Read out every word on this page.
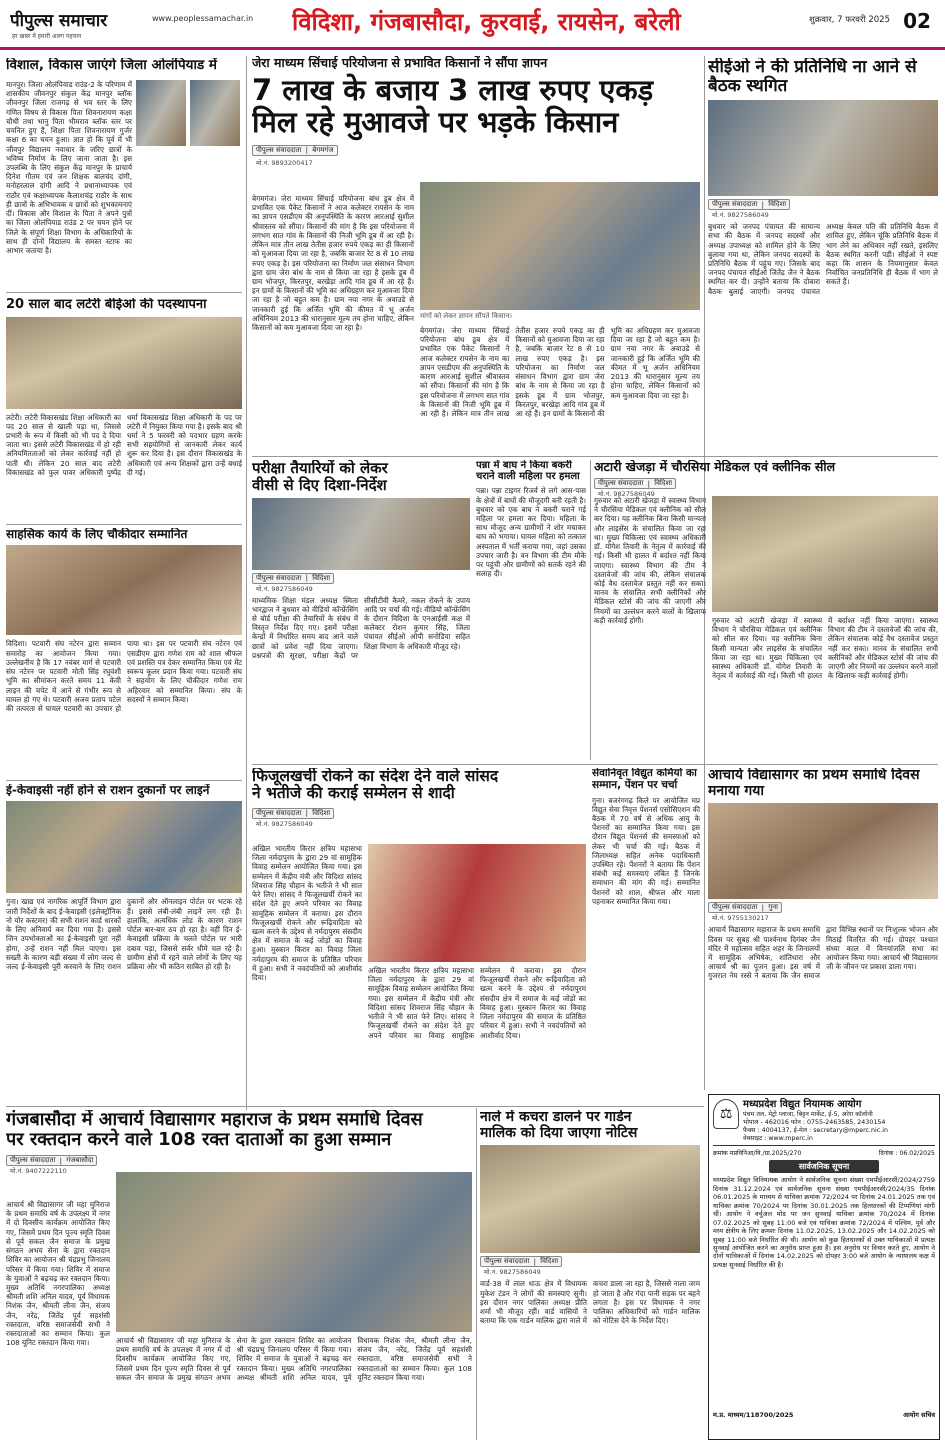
पीपुल्स समाचार
हर खबर में हमारी अलग पहचान
www.peoplessamachar.in	विदिशा, गंजबासौदा, कुरवाई, रायसेन, बरेली	शुक्रवार, 7 फरवरी 2025 02
विशाल, विकास जाएंगे जिला ओलंपियाड में
मानपुर। जिला ओलंपियाड राउंड-2 के परिणाम में शासकीय जीवनपुर संकुल केंद्र मानपुर ब्लॉक जीवनपुर जिला राजगढ़ से भव स्तर के लिए गणित विषय से विकास पिता शिवनारायण कक्षा चौथी तथा भानु पिता भीमराव ब्लॉक स्तर पर चयनित हुए हैं, शिक्षा पिता शिवनारायण गुर्जर कक्षा 6 का चयन हुआ। ज्ञात हो कि पूर्व में भी जीवपुर विद्यालय नवाचार के जरिए छात्रों के भविष्य निर्माण के लिए जाना जाता है। इस उपलब्धि के लिए संकुल केंद्र मानपुर के प्राचार्य दिनेश गौतम एवं जन शिक्षक बालचंद दांगी, मनोहरलाल दांगी आदि ने प्रधानाध्यापक एवं राठौर एवं कक्षाध्यापक कैलाशचंद्र राठौर के साथ ही छात्रों के अभिभावक व छात्रों को शुभकामनाएं दीं। विकास और विशाल के पिता ने अपने पुत्रों का जिला ओलंपियाड राउंड 2 पर चयन होने पर जिले के संपूर्ण शिक्षा विभाग के अधिकारियों के साथ ही दोनों विद्यालय के समस्त स्टाफ का आभार जताया है।
20 साल बाद लटेरी बीईओ की पदस्थापना
लटेरी। लटेरी विकासखंड शिक्षा अधिकारी का पद 20 साल से खाली पड़ा था, जिससे प्रभारी के रूप में किसी को भी पद दे दिया जाता था। इससे लटेरी विकासखंड में हो रही अनियमितताओं को लेकर कार्रवाई नहीं हो पाती थी। लेकिन 20 साल बाद लटेरी विकासखंड को फुल पावर अधिकारी पुष्पेंद्र धर्मा विकासखंड शिक्षा अधिकारी के पद पर लटेरी में नियुक्त किया गया है। इसके बाद श्री धर्मा ने 5 फरवरी को पदभार ग्रहण करके सभी सहयोगियों से जानकारी लेकर कार्य शुरू कर दिया है। इस दौरान विकासखंड के अधिकारी एवं अन्य शिक्षकों द्वारा उन्हें बधाई दी गई।
साहसिक कार्य के लिए चौकीदार सम्मानित
विदिशा। पटवारी संघ नटेरन द्वारा सम्मान समारोह का आयोजन किया गया। उल्लेखनीय है कि 17 नवंबर मार्ग से पटवारी संघ नटेरन पर पटवारी मोती सिंह रघुवंशी भूमि का सीमांकन करते समय 11 केवी लाइन की चपेट में आने से गंभीर रूप से घायल हो गए थे। पटवारी अजय प्रताप पटेल की तत्परता से घायल पटवारी का उपचार हो पाया था। इस पर पटवारी संघ नटेरन एवं एसडीएम द्वारा गणेश राम को शाल श्रीफल एवं प्रशस्ति पत्र देकर सम्मानित किया एवं मेंट स्वरूप कूलर प्रदान किया गया। पटवारी संघ ने सहयोग के लिए चौकीदार गणेश राम अहिरवार को सम्मानित किया। संघ के सदस्यों ने सम्मान किया।
ई-केवाइसी नहीं होने से राशन दुकानों पर लाइनें
गुना। खाद्य एवं नागरिक आपूर्ति विभाग द्वारा जारी निर्देशों के बाद ई-केवाइसी (इलेक्ट्रॉनिक नो योर कस्टमर) की सभी राशन कार्ड धारकों के लिए अनिवार्य कर दिया गया है। इससे जिन उपभोक्ताओं का ई-केवाइसी पूरा नहीं होगा, उन्हें राशन नहीं मिल पाएगा। इस सख्ती के कारण बड़ी संख्या में लोग जल्द से जल्द ई-केवाइसी पूरी करवाने के लिए राशन दुकानों और ऑनलाइन पोर्टल पर भटक रहे हैं। इससे लंबी-लंबी लाइनें लग रही हैं। हालांकि, अत्यधिक लोड के कारण राशन पोर्टल बार-बार ठप हो रहा है। वहीं दिन ई-केवाइसी प्रक्रिया के चलते पोर्टल पर भारी दबाव पड़ा, जिससे सर्वर धीमे चल रहे हैं। ग्रामीण क्षेत्रों में रहने वाले लोगों के लिए यह प्रक्रिया और भी कठिन साबित हो रही है।
जेरा माध्यम सिंचाई परियोजना से प्रभावित किसानों ने सौंपा ज्ञापन
7 लाख के बजाय 3 लाख रुपए एकड़
मिल रहे मुआवजे पर भड़के किसान
पीपुल्स संवाददाता | बेगमगंज
मो.नं. 9893200417
बेगमगंज। जेरा माध्यम सिंचाई परियोजना बांध डूब क्षेत्र में प्रभावित एक पैकेट किसानों ने आज कलेक्टर रायसेन के नाम का ज्ञापन एसडीएम की अनुपस्थिति के कारण आरआई सुशील श्रीवास्तव को सौंपा। किसानों की मांग है कि इस परियोजना में लगभग सात गांव के किसानों की निजी भूमि डूब में आ रही है। लेकिन मात्र तीन लाख तेतीस हजार रुपये एकड़ का ही किसानों को मुआवजा दिया जा रहा है, जबकि बाजार रेट 8 से 10 लाख रुपए एकड़ है। इस परियोजना का निर्माण जल संसाधन विभाग द्वारा ग्राम जेरा बांध के नाम से किया जा रहा है इसके डूब में ग्राम भोजपुर, किरतपुर, बरखेड़ा आदि गांव डूब में आ रहे हैं। इन ग्रामों के किसानों की भूमि का अधिग्रहण कर मुआवजा दिया जा रहा है जो बहुत कम है। ग्राम नया नगर के अवाउडे से जानकारी हुई कि अर्जित भूमि की कीमत में भू अर्जन अधिनियम 2013 की धारानुसार मूल्य तय होना चाहिए, लेकिन किसानों को कम मुआवजा दिया जा रहा है।
मांगों को लेकर ज्ञापन सौंपते किसान।
बेगमगंज। जेरा माध्यम सिंचाई परियोजना बांध डूब क्षेत्र में प्रभावित एक पैकेट किसानों ने आज कलेक्टर रायसेन के नाम का ज्ञापन एसडीएम की अनुपस्थिति के कारण आरआई सुशील श्रीवास्तव को सौंपा। किसानों की मांग है कि इस परियोजना में लगभग सात गांव के किसानों की निजी भूमि डूब में आ रही है। लेकिन मात्र तीन लाख तेतीस हजार रुपये एकड़ का ही किसानों को मुआवजा दिया जा रहा है, जबकि बाजार रेट 8 से 10 लाख रुपए एकड़ है। इस परियोजना का निर्माण जल संसाधन विभाग द्वारा ग्राम जेरा बांध के नाम से किया जा रहा है इसके डूब में ग्राम भोजपुर, किरतपुर, बरखेड़ा आदि गांव डूब में आ रहे हैं। इन ग्रामों के किसानों की भूमि का अधिग्रहण कर मुआवजा दिया जा रहा है जो बहुत कम है। ग्राम नया नगर के अवाउडे से जानकारी हुई कि अर्जित भूमि की कीमत में भू अर्जन अधिनियम 2013 की धारानुसार मूल्य तय होना चाहिए, लेकिन किसानों को कम मुआवजा दिया जा रहा है।
सीईओ ने की प्रतिनिधि ना आने से बैठक स्थगित
पीपुल्स संवाददाता | विदिशा
मो.नं. 9827586049
बुधवार को जनपद पंचायत की सामान्य सभा की बैठक में जनपद सदस्यों और अध्यक्ष उपाध्यक्ष को शामिल होने के लिए बुलाया गया था, लेकिन जनपद सदस्यों के प्रतिनिधि बैठक में पहुंच गए। जिसके बाद जनपद पंचायत सीईओ जितेंद्र जैन ने बैठक स्थगित कर दी। उन्होंने बताया कि दोबारा बैठक बुलाई जाएगी। जनपद पंचायत अध्यक्ष केवल पति की प्रतिनिधि बैठक में शामिल हुए, लेकिन चूंकि प्रतिनिधि बैठक में भाग लेने का अधिकार नहीं रखते, इसलिए बैठक स्थगित करनी पड़ी। सीईओ ने स्पष्ट कहा कि शासन के नियमानुसार केवल निर्वाचित जनप्रतिनिधि ही बैठक में भाग ले सकते हैं।
परीक्षा तैयारियों को लेकर
वीसी से दिए दिशा-निर्देश
पीपुल्स संवाददाता | विदिशा
मो.नं. 9827586049
माध्यमिक शिक्षा मंडल अध्यक्ष स्मिता भारद्वाज ने बुधवार को वीडियो कॉन्फ्रेंसिंग से बोर्ड परीक्षा की तैयारियों के संबंध में विस्तृत निर्देश दिए गए। इसमें परीक्षा केन्द्रों में निर्धारित समय बाद आने वाले छात्रों को प्रवेश नहीं दिया जाएगा। प्रश्नपत्रों की सुरक्षा, परीक्षा केंद्रों पर सीसीटीवी कैमरे, नकल रोकने के उपाय आदि पर चर्चा की गई। वीडियो कॉन्फ्रेंसिंग के दौरान विदिशा के एनआईसी कक्ष में कलेक्टर रोशन कुमार सिंह, जिला पंचायत सीईओ ओपी सनोडिया सहित शिक्षा विभाग के अधिकारी मौजूद रहे।
पन्ना में बाघ ने किया बकरी चराने वाली महिला पर हमला
पन्ना। पन्ना टाइगर रिजर्व से लगे आस-पास के क्षेत्रों में बाघों की मौजूदगी बनी रहती है। बुधवार को एक बाघ ने बकरी चराने गई महिला पर हमला कर दिया। महिला के साथ मौजूद अन्य ग्रामीणों ने शोर मचाकर बाघ को भगाया। घायल महिला को तत्काल अस्पताल में भर्ती कराया गया, जहां उसका उपचार जारी है। वन विभाग की टीम मौके पर पहुंची और ग्रामीणों को सतर्क रहने की सलाह दी।
अटारी खेजड़ा में चौरसिया मेडिकल एवं क्लीनिक सील
पीपुल्स संवाददाता | विदिशा
मो.नं. 9827586049
गुरुवार को अटारी खेजड़ा में स्वास्थ्य विभाग ने चौरसिया मेडिकल एवं क्लीनिक को सील कर दिया। यह क्लीनिक बिना किसी मान्यता और लाइसेंस के संचालित किया जा रहा था। मुख्य चिकित्सा एवं स्वास्थ्य अधिकारी डॉ. योगेश तिवारी के नेतृत्व में कार्रवाई की गई। किसी भी हालत में बर्दाश्त नहीं किया जाएगा। स्वास्थ्य विभाग की टीम ने दस्तावेजों की जांच की, लेकिन संचालक कोई वैध दस्तावेज प्रस्तुत नहीं कर सका। मानव के संचालित सभी क्लीनिकों और मेडिकल स्टोर्स की जांच की जाएगी और नियमों का उल्लंघन करने वालों के खिलाफ कड़ी कार्रवाई होगी।	गुरुवार को अटारी खेजड़ा में स्वास्थ्य विभाग ने चौरसिया मेडिकल एवं क्लीनिक को सील कर दिया। यह क्लीनिक बिना किसी मान्यता और लाइसेंस के संचालित किया जा रहा था। मुख्य चिकित्सा एवं स्वास्थ्य अधिकारी डॉ. योगेश तिवारी के नेतृत्व में कार्रवाई की गई। किसी भी हालत में बर्दाश्त नहीं किया जाएगा। स्वास्थ्य विभाग की टीम ने दस्तावेजों की जांच की, लेकिन संचालक कोई वैध दस्तावेज प्रस्तुत नहीं कर सका। मानव के संचालित सभी क्लीनिकों और मेडिकल स्टोर्स की जांच की जाएगी और नियमों का उल्लंघन करने वालों के खिलाफ कड़ी कार्रवाई होगी।
फिजूलखर्ची रोकने का संदेश देने वाले सांसद
ने भतीजे की कराई सम्मेलन से शादी
पीपुल्स संवाददाता | विदिशा
मो.नं. 9827586049
अखिल भारतीय किरार क्षत्रिय महासभा जिला नर्मदापुरम के द्वारा 29 वां सामूहिक विवाह सम्मेलन आयोजित किया गया। इस सम्मेलन में केंद्रीय मंत्री और विदिशा सांसद शिवराज सिंह चौहान के भतीजे ने भी सात फेरे लिए। सांसद ने फिजूलखर्ची रोकने का संदेश देते हुए अपने परिवार का विवाह सामूहिक सम्मेलन में कराया। इस दौरान फिजूलखर्ची रोकने और रूढ़िवादिता को खत्म करने के उद्देश्य से नर्मदापुरम संसदीय क्षेत्र में समाज के कई जोड़ों का विवाह हुआ। मुस्कान किरार का विवाह जिला नर्मदापुरम की समाज के प्रतिष्ठित परिवार में हुआ। सभी ने नवदंपतियों को आशीर्वाद दिया।
अखिल भारतीय किरार क्षत्रिय महासभा जिला नर्मदापुरम के द्वारा 29 वां सामूहिक विवाह सम्मेलन आयोजित किया गया। इस सम्मेलन में केंद्रीय मंत्री और विदिशा सांसद शिवराज सिंह चौहान के भतीजे ने भी सात फेरे लिए। सांसद ने फिजूलखर्ची रोकने का संदेश देते हुए अपने परिवार का विवाह सामूहिक सम्मेलन में कराया। इस दौरान फिजूलखर्ची रोकने और रूढ़िवादिता को खत्म करने के उद्देश्य से नर्मदापुरम संसदीय क्षेत्र में समाज के कई जोड़ों का विवाह हुआ। मुस्कान किरार का विवाह जिला नर्मदापुरम की समाज के प्रतिष्ठित परिवार में हुआ। सभी ने नवदंपतियों को आशीर्वाद दिया।
सेवानिवृत विद्युत कर्मियों का सम्मान, पेंशन पर चर्चा
गुना। बजरंगगढ़ किले पर आयोजित मप्र विद्युत सेवा निवृत्त पेंशनर्स एसोसिएशन की बैठक में 70 वर्ष से अधिक आयु के पेंशनरों का सम्मानित किया गया। इस दौरान विद्युत पेंशनर्स की समस्याओं को लेकर भी चर्चा की गई। बैठक में जिलाध्यक्ष सहित अनेक पदाधिकारी उपस्थित रहे। पेंशनरों ने बताया कि पेंशन संबंधी कई समस्याएं लंबित हैं जिनके समाधान की मांग की गई। सम्मानित पेंशनरों को शाल, श्रीफल और माला पहनाकर सम्मानित किया गया।
आचार्य विद्यासागर का प्रथम समाधि दिवस मनाया गया
पीपुल्स संवाददाता | गुना
मो.नं. 9755130217
आचार्य विद्यासागर महाराज के प्रथम समाधि दिवस पर सुबह श्री पार्श्वनाथ दिगंबर जैन मंदिर में महोत्सव सहित शहर के जिनालयों में सामूहिक अभिषेक, शांतिधारा और आचार्य श्री का पूजन हुआ। इस वर्ष में गुजरात नेम रस्से ने बताया कि जैन समाज द्वारा विभिन्न स्थानों पर निःशुल्क भोजन और मिठाई वितरित की गई। दोपहर पश्चात संध्या काल में विनयांजलि सभा का आयोजन किया गया। आचार्य श्री विद्यासागर जी के जीवन पर प्रकाश डाला गया।
गंजबासौदा में आचार्य विद्यासागर महाराज के प्रथम समाधि दिवस
पर रक्तदान करने वाले 108 रक्त दाताओं का हुआ सम्मान
पीपुल्स संवाददाता | गंजबासौदा
मो.नं. 9407222110
आचार्य श्री विद्यासागर जी महा मुनिराज के प्रथम समाधि वर्ष के उपलक्ष्य में नगर में दो दिवसीय कार्यक्रम आयोजित किए गए, जिसमें प्रथम दिन पूज्य स्मृति दिवस से पूर्व सकल जैन समाज के प्रमुख संगठन अभय सेना के द्वारा रक्तदान शिविर का आयोजन श्री चंद्रप्रभु जिनालय परिसर में किया गया। शिविर में समाज के युवाओं ने बढ़चढ़ कर रक्तदान किया। मुख्य अतिथि नगरपालिका अध्यक्ष श्रीमती शशि अनिल यादव, पूर्व विधायक निशंक जैन, श्रीमती लीना जैन, संजय जैन, नरेंद्र, जितेंद्र पूर्व सहशंसी रक्तदाता, वरिष्ठ समाजसेवी सभी ने रक्तदाताओं का सम्मान किया। कुल 108 यूनिट रक्तदान किया गया।	आचार्य श्री विद्यासागर जी महा मुनिराज के प्रथम समाधि वर्ष के उपलक्ष्य में नगर में दो दिवसीय कार्यक्रम आयोजित किए गए, जिसमें प्रथम दिन पूज्य स्मृति दिवस से पूर्व सकल जैन समाज के प्रमुख संगठन अभय सेना के द्वारा रक्तदान शिविर का आयोजन श्री चंद्रप्रभु जिनालय परिसर में किया गया। शिविर में समाज के युवाओं ने बढ़चढ़ कर रक्तदान किया। मुख्य अतिथि नगरपालिका अध्यक्ष श्रीमती शशि अनिल यादव, पूर्व विधायक निशंक जैन, श्रीमती लीना जैन, संजय जैन, नरेंद्र, जितेंद्र पूर्व सहशंसी रक्तदाता, वरिष्ठ समाजसेवी सभी ने रक्तदाताओं का सम्मान किया। कुल 108 यूनिट रक्तदान किया गया।
नाले में कचरा डालने पर गार्डन
मालिक को दिया जाएगा नोटिस
पीपुल्स संवाददाता | विदिशा
मो.नं. 9827586049
वार्ड-38 में लाल धाऊ क्षेत्र में विधायक मुकेश टंडन ने लोगों की समस्याएं सुनी। इस दौरान नगर पालिका अध्यक्ष प्रीति शर्मा भी मौजूद रहीं। वार्ड वासियों ने बताया कि एक गार्डन मालिक द्वारा नाले में कचरा डाला जा रहा है, जिससे नाला जाम हो जाता है और गंदा पानी सड़क पर बहने लगता है। इस पर विधायक ने नगर पालिका अधिकारियों को गार्डन मालिक को नोटिस देने के निर्देश दिए।
⚖
मध्यप्रदेश विद्युत नियामक आयोग
पंचम तल, मेट्रो प्लाजा, बिट्टन मार्केट, ई-5, अरेरा कॉलोनी
भोपाल - 462016 फोन : 0755-2463585, 2430154
फैक्स : 4004137, ई-मेल : secretary@mperc.nic.in
वेबसाइट : www.mperc.in
क्रमांक मप्रविनिआ/वि./ग्रा.2025/270	दिनांक : 06.02/2025
सार्वजनिक सूचना
मध्यप्रदेश विद्युत विनियामक आयोग ने सार्वजनिक सूचना संख्या एमपीईआरसी/2024/2759 दिनांक 31.12.2024 एवं सार्वजनिक सूचना संख्या एमपीईआरसी/2024/35 दिनांक 06.01.2025 के माध्यम से याचिका क्रमांक 72/2024 पर दिनांक 24.01.2025 तक एवं याचिका क्रमांक 70/2024 पर दिनांक 30.01.2025 तक हितधारकों की टिप्पणियां मांगी थीं। आयोग ने वर्चुअल मोड पर जन सुनवाई याचिका क्रमांक 70/2024 में दिनांक 07.02.2025 को सुबह 11:00 बजे एवं याचिका क्रमांक 72/2024 में पश्चिम, पूर्व और मध्य क्षेत्रीय के लिए क्रमशः दिनांक 11.02.2025, 13.02.2025 और 14.02.2025 को सुबह 11:00 बजे निर्धारित की थी। आयोग को कुछ हितधारकों से उक्त याचिकाओं में प्रत्यक्ष सुनवाई आयोजित करने का अनुरोध प्राप्त हुआ है। इस अनुरोध पर विचार करते हुए, आयोग ने दोनों याचिकाओं में दिनांक 14.02.2025 को दोपहर 3:00 बजे आयोग के न्यायालय कक्ष में प्रत्यक्ष सुनवाई निर्धारित की है।
म.प्र. माध्यम/118700/2025	आयोग सचिव
